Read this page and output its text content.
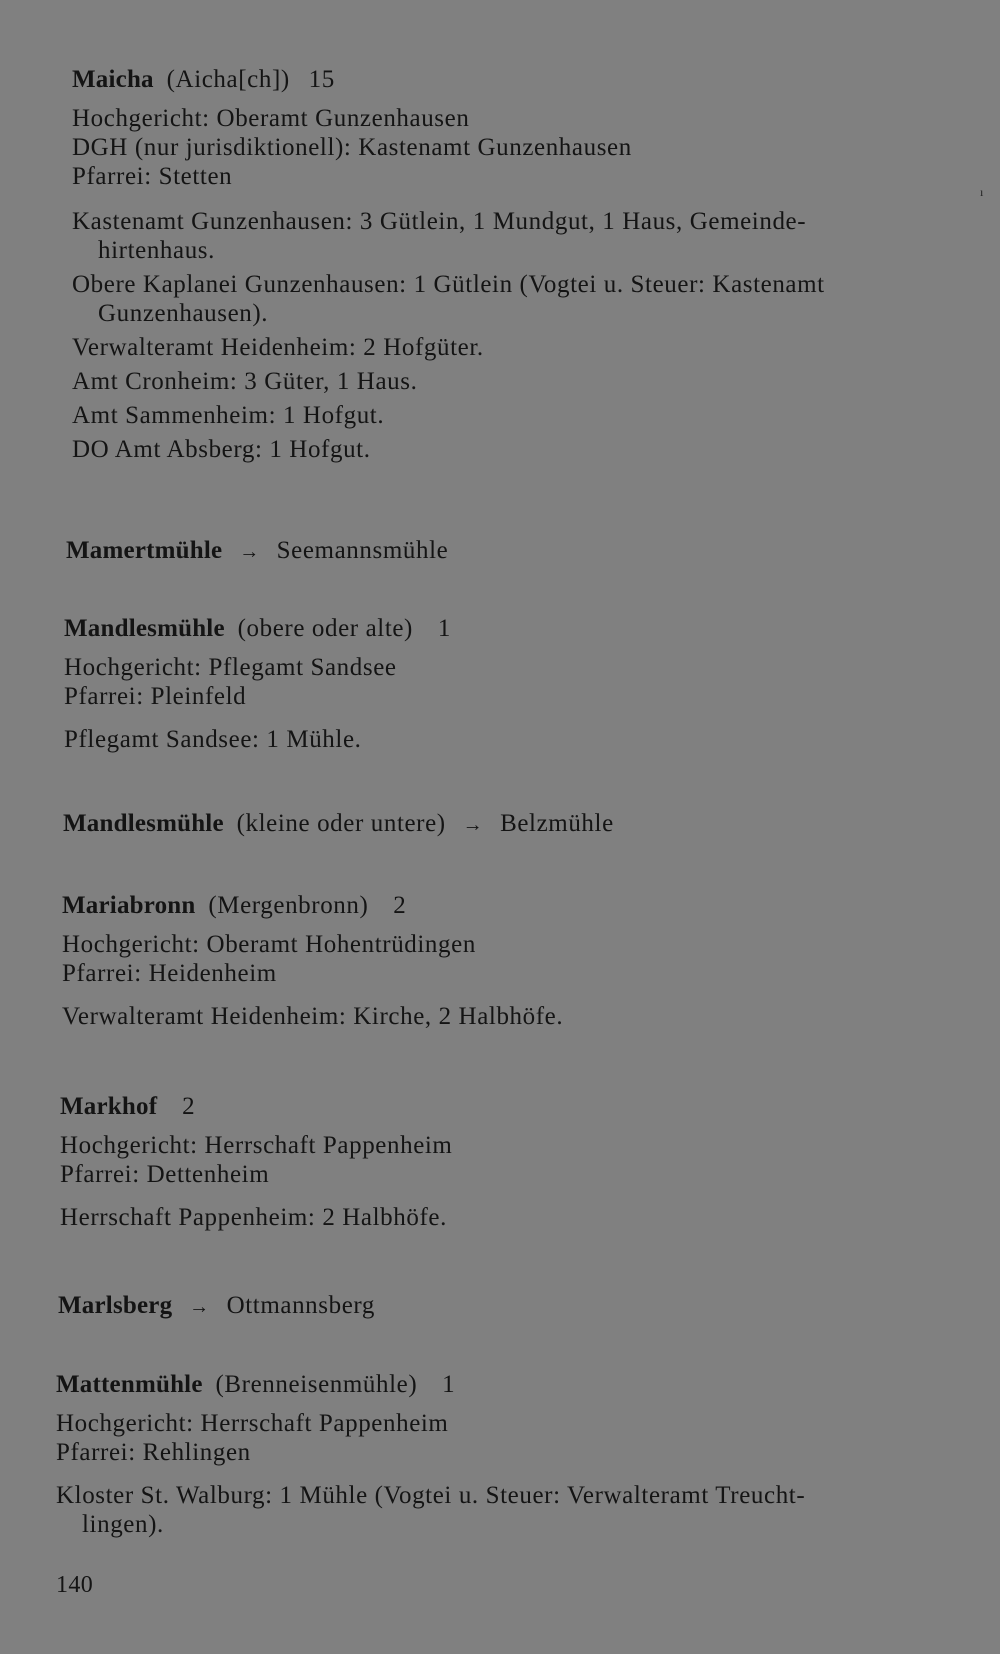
Maicha (Aicha[ch]) 15
Hochgericht: Oberamt Gunzenhausen
DGH (nur jurisdiktionell): Kastenamt Gunzenhausen
Pfarrei: Stetten
Kastenamt Gunzenhausen: 3 Gütlein, 1 Mundgut, 1 Haus, Gemeinde-
hirtenhaus.
Obere Kaplanei Gunzenhausen: 1 Gütlein (Vogtei u. Steuer: Kastenamt
Gunzenhausen).
Verwalteramt Heidenheim: 2 Hofgüter.
Amt Cronheim: 3 Güter, 1 Haus.
Amt Sammenheim: 1 Hofgut.
DO Amt Absberg: 1 Hofgut.
Mamertmühle → Seemannsmühle
Mandlesmühle (obere oder alte) 1
Hochgericht: Pflegamt Sandsee
Pfarrei: Pleinfeld
Pflegamt Sandsee: 1 Mühle.
Mandlesmühle (kleine oder untere) → Belzmühle
Mariabronn (Mergenbronn) 2
Hochgericht: Oberamt Hohentrüdingen
Pfarrei: Heidenheim
Verwalteramt Heidenheim: Kirche, 2 Halbhöfe.
Markhof 2
Hochgericht: Herrschaft Pappenheim
Pfarrei: Dettenheim
Herrschaft Pappenheim: 2 Halbhöfe.
Marlsberg → Ottmannsberg
Mattenmühle (Brenneisenmühle) 1
Hochgericht: Herrschaft Pappenheim
Pfarrei: Rehlingen
Kloster St. Walburg: 1 Mühle (Vogtei u. Steuer: Verwalteramt Treucht-
lingen).
140
ı
